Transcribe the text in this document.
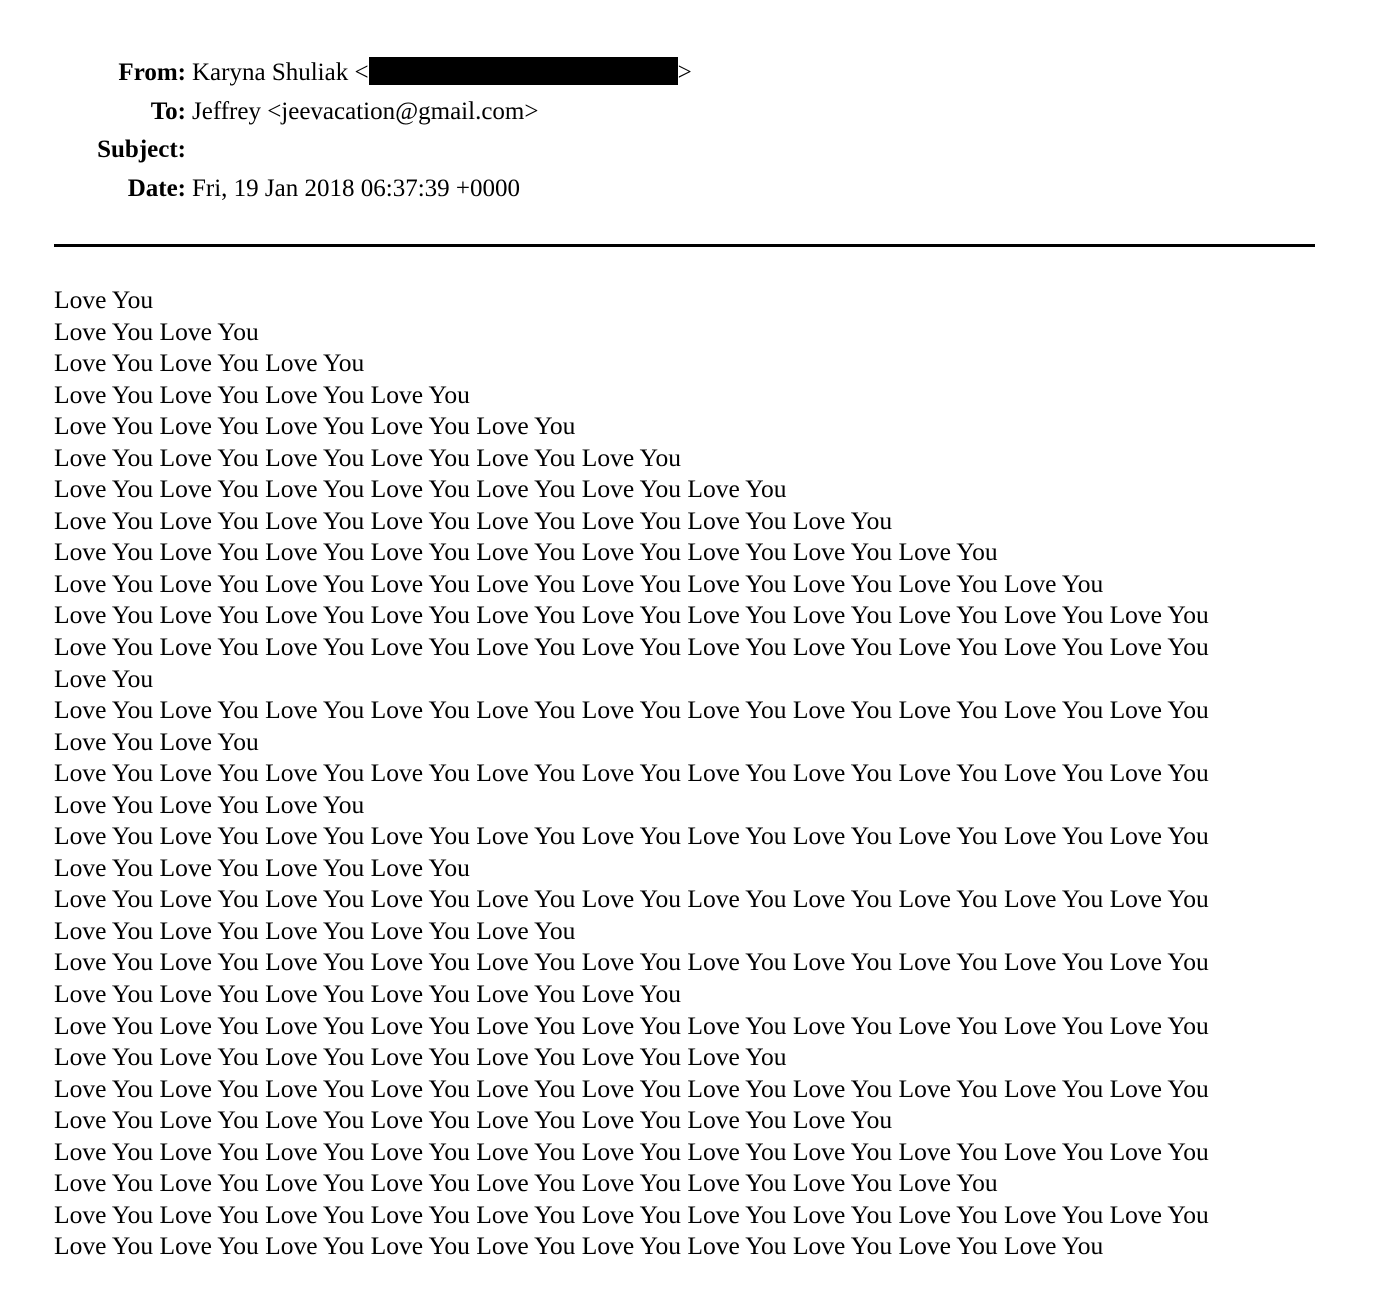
From: Karyna Shuliak <	>
To: Jeffrey <jeevacation@gmail.com>
Subject:
Date: Fri, 19 Jan 2018 06:37:39 +0000
Love You
Love You Love You
Love You Love You Love You
Love You Love You Love You Love You
Love You Love You Love You Love You Love You
Love You Love You Love You Love You Love You Love You
Love You Love You Love You Love You Love You Love You Love You
Love You Love You Love You Love You Love You Love You Love You Love You
Love You Love You Love You Love You Love You Love You Love You Love You Love You
Love You Love You Love You Love You Love You Love You Love You Love You Love You Love You
Love You Love You Love You Love You Love You Love You Love You Love You Love You Love You Love You
Love You Love You Love You Love You Love You Love You Love You Love You Love You Love You Love You
Love You
Love You Love You Love You Love You Love You Love You Love You Love You Love You Love You Love You
Love You Love You
Love You Love You Love You Love You Love You Love You Love You Love You Love You Love You Love You
Love You Love You Love You
Love You Love You Love You Love You Love You Love You Love You Love You Love You Love You Love You
Love You Love You Love You Love You
Love You Love You Love You Love You Love You Love You Love You Love You Love You Love You Love You
Love You Love You Love You Love You Love You
Love You Love You Love You Love You Love You Love You Love You Love You Love You Love You Love You
Love You Love You Love You Love You Love You Love You
Love You Love You Love You Love You Love You Love You Love You Love You Love You Love You Love You
Love You Love You Love You Love You Love You Love You Love You
Love You Love You Love You Love You Love You Love You Love You Love You Love You Love You Love You
Love You Love You Love You Love You Love You Love You Love You Love You
Love You Love You Love You Love You Love You Love You Love You Love You Love You Love You Love You
Love You Love You Love You Love You Love You Love You Love You Love You Love You
Love You Love You Love You Love You Love You Love You Love You Love You Love You Love You Love You
Love You Love You Love You Love You Love You Love You Love You Love You Love You Love You
